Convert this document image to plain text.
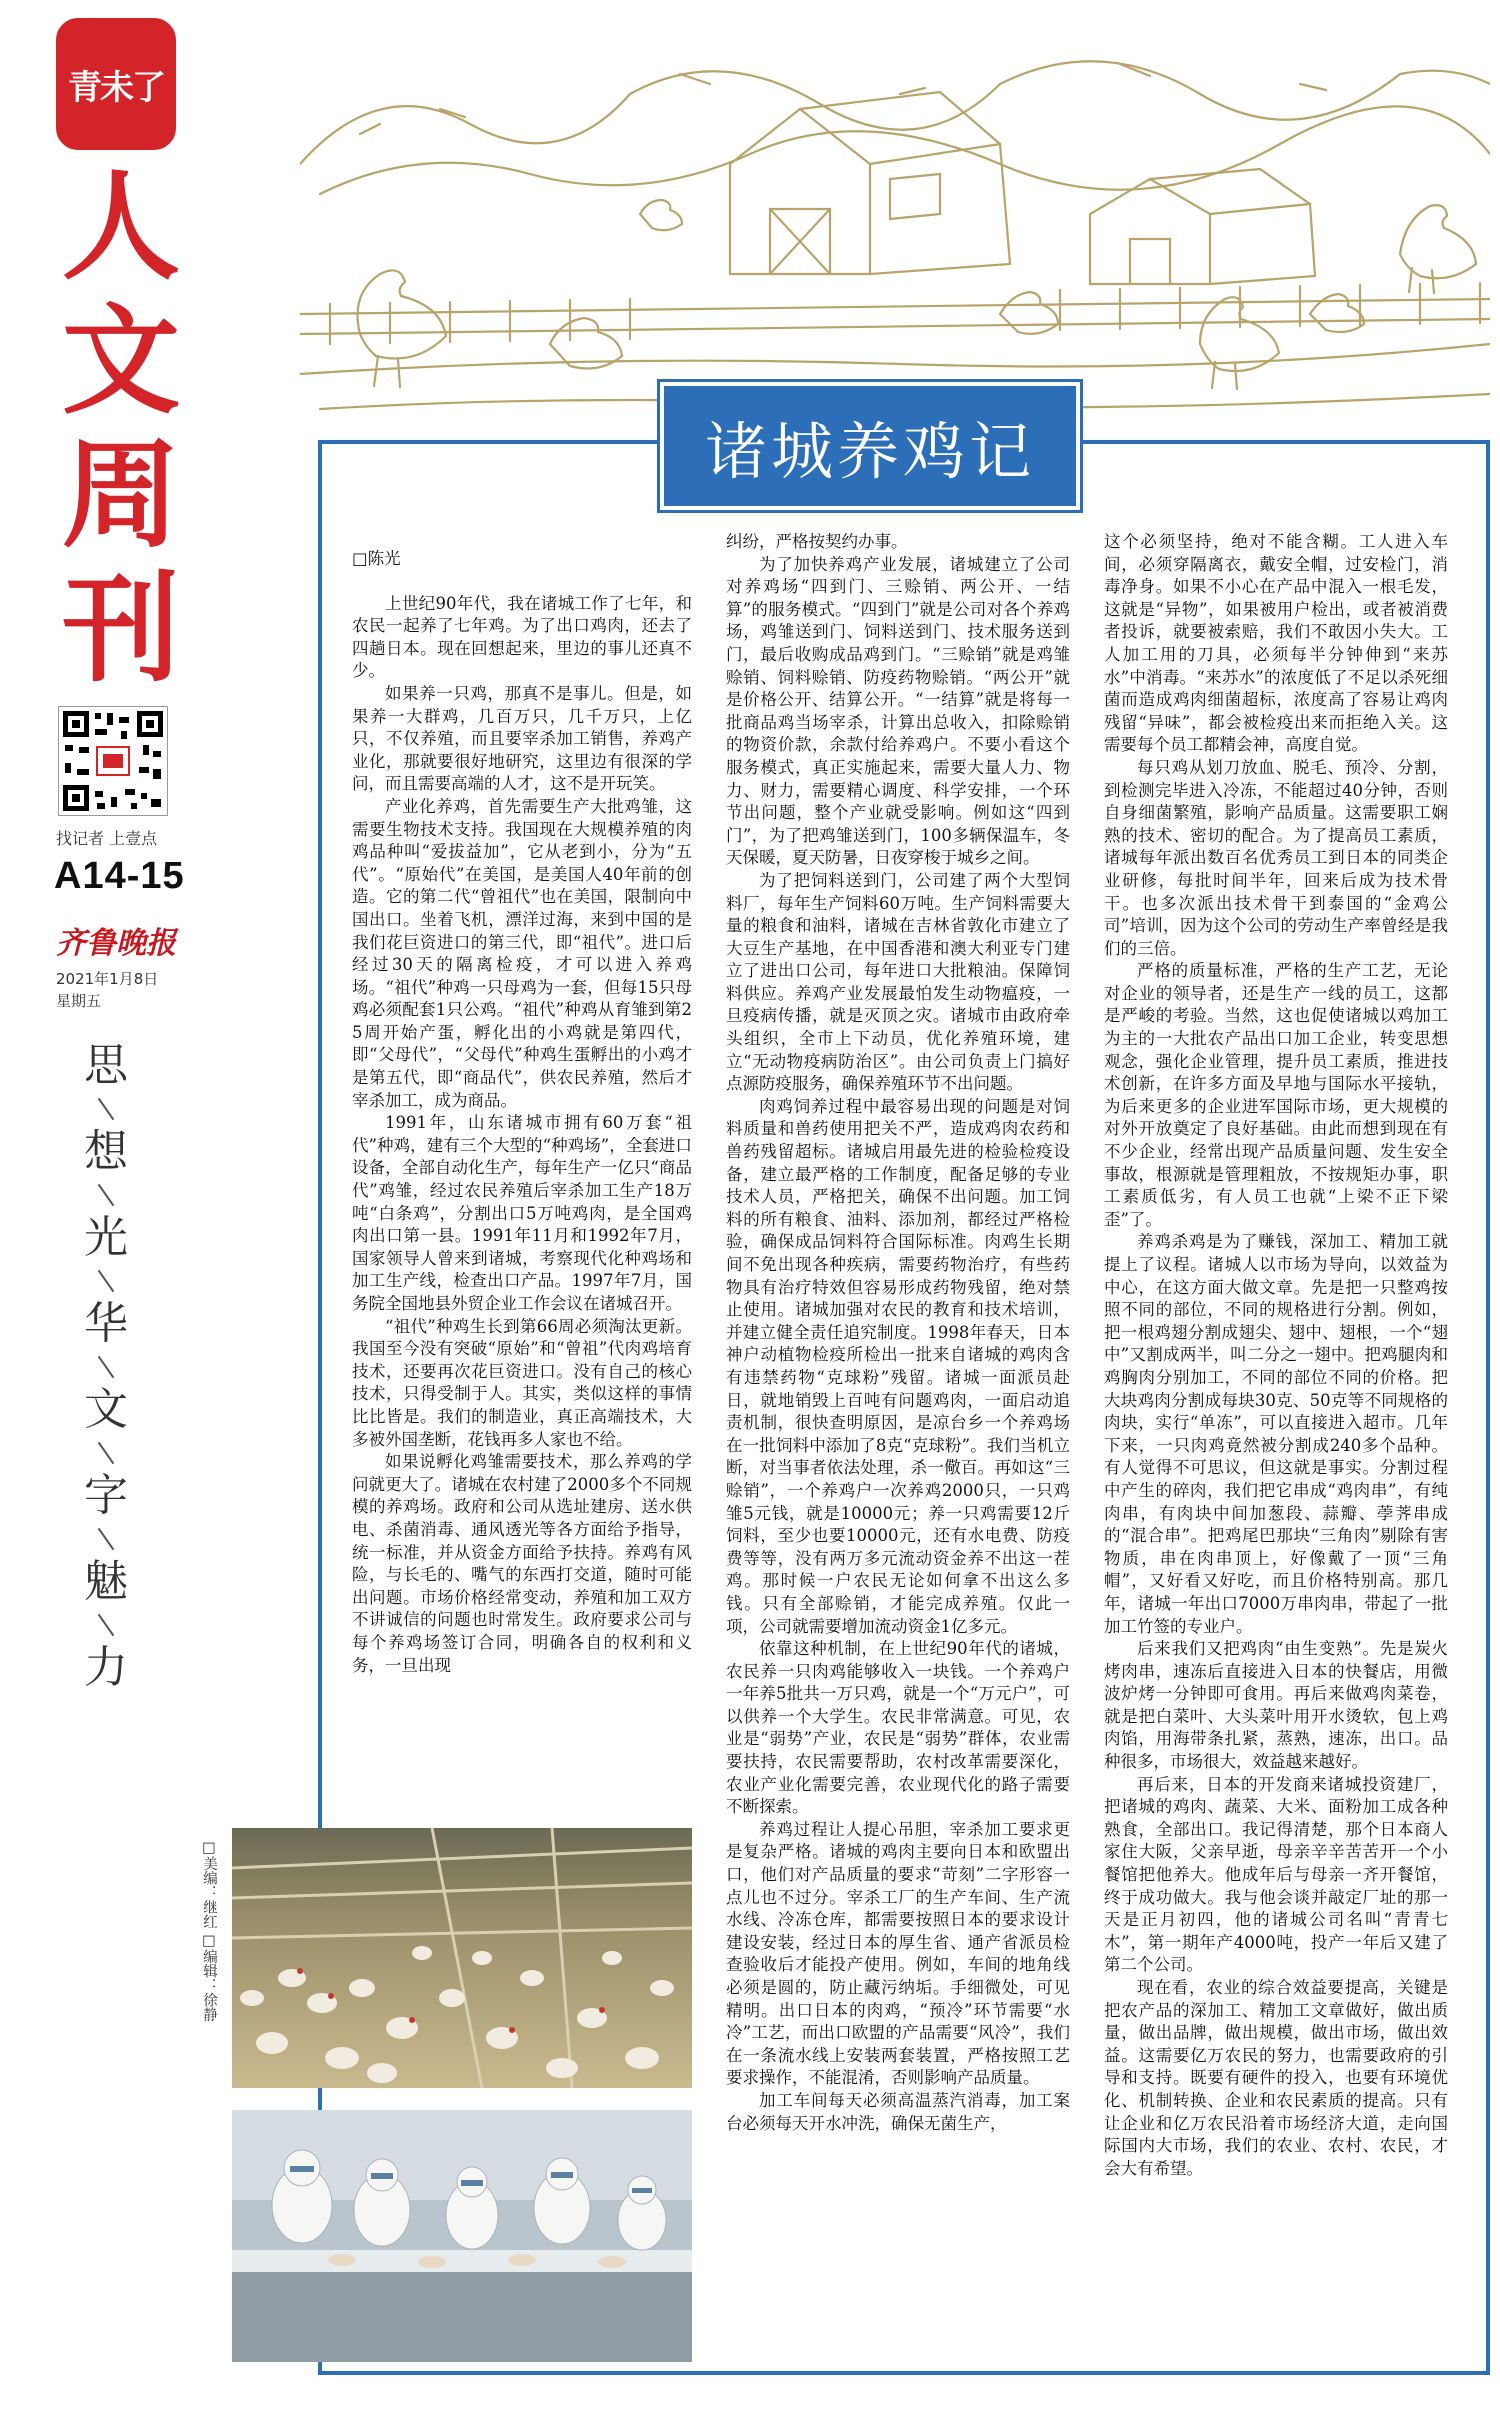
青未了
人
文
周
刊
找记者 上壹点
A14-15
齐鲁晚报
2021年1月8日
星期五
思
想
光
华
文
字
魅
力
诸城养鸡记

□陈光

上世纪90年代，我在诸城工作了七年，和农民一起养了七年鸡。为了出口鸡肉，还去了四趟日本。现在回想起来，里边的事儿还真不少。

如果养一只鸡，那真不是事儿。但是，如果养一大群鸡，几百万只，几千万只，上亿只，不仅养殖，而且要宰杀加工销售，养鸡产业化，那就要很好地研究，这里边有很深的学问，而且需要高端的人才，这不是开玩笑。

产业化养鸡，首先需要生产大批鸡雏，这需要生物技术支持。我国现在大规模养殖的肉鸡品种叫“爱拔益加”，它从老到小，分为“五代”。“原始代”在美国，是美国人40年前的创造。它的第二代“曾祖代”也在美国，限制向中国出口。坐着飞机，漂洋过海，来到中国的是我们花巨资进口的第三代，即“祖代”。进口后经过30天的隔离检疫，才可以进入养鸡场。“祖代”种鸡一只母鸡为一套，但每15只母鸡必须配套1只公鸡。“祖代”种鸡从育雏到第25周开始产蛋，孵化出的小鸡就是第四代，即“父母代”，“父母代”种鸡生蛋孵出的小鸡才是第五代，即“商品代”，供农民养殖，然后才宰杀加工，成为商品。

1991年，山东诸城市拥有60万套“祖代”种鸡，建有三个大型的“种鸡场”，全套进口设备，全部自动化生产，每年生产一亿只“商品代”鸡雏，经过农民养殖后宰杀加工生产18万吨“白条鸡”，分割出口5万吨鸡肉，是全国鸡肉出口第一县。1991年11月和1992年7月，国家领导人曾来到诸城，考察现代化种鸡场和加工生产线，检查出口产品。1997年7月，国务院全国地县外贸企业工作会议在诸城召开。

“祖代”种鸡生长到第66周必须淘汰更新。我国至今没有突破“原始”和“曾祖”代肉鸡培育技术，还要再次花巨资进口。没有自己的核心技术，只得受制于人。其实，类似这样的事情比比皆是。我们的制造业，真正高端技术，大多被外国垄断，花钱再多人家也不给。

如果说孵化鸡雏需要技术，那么养鸡的学问就更大了。诸城在农村建了2000多个不同规模的养鸡场。政府和公司从选址建房、送水供电、杀菌消毒、通风透光等各方面给予指导，统一标准，并从资金方面给予扶持。养鸡有风险，与长毛的、嘴气的东西打交道，随时可能出问题。市场价格经常变动，养殖和加工双方不讲诚信的问题也时常发生。政府要求公司与每个养鸡场签订合同，明确各自的权利和义务，一旦出现

纠纷，严格按契约办事。

为了加快养鸡产业发展，诸城建立了公司对养鸡场“四到门、三赊销、两公开、一结算”的服务模式。“四到门”就是公司对各个养鸡场，鸡雏送到门、饲料送到门、技术服务送到门，最后收购成品鸡到门。“三赊销”就是鸡雏赊销、饲料赊销、防疫药物赊销。“两公开”就是价格公开、结算公开。“一结算”就是将每一批商品鸡当场宰杀，计算出总收入，扣除赊销的物资价款，余款付给养鸡户。不要小看这个服务模式，真正实施起来，需要大量人力、物力、财力，需要精心调度、科学安排，一个环节出问题，整个产业就受影响。例如这“四到门”，为了把鸡雏送到门，100多辆保温车，冬天保暖，夏天防暑，日夜穿梭于城乡之间。

为了把饲料送到门，公司建了两个大型饲料厂，每年生产饲料60万吨。生产饲料需要大量的粮食和油料，诸城在吉林省敦化市建立了大豆生产基地，在中国香港和澳大利亚专门建立了进出口公司，每年进口大批粮油。保障饲料供应。养鸡产业发展最怕发生动物瘟疫，一旦疫病传播，就是灭顶之灾。诸城市由政府牵头组织，全市上下动员，优化养殖环境，建立“无动物疫病防治区”。由公司负责上门搞好点源防疫服务，确保养殖环节不出问题。

肉鸡饲养过程中最容易出现的问题是对饲料质量和兽药使用把关不严，造成鸡肉农药和兽药残留超标。诸城启用最先进的检验检疫设备，建立最严格的工作制度，配备足够的专业技术人员，严格把关，确保不出问题。加工饲料的所有粮食、油料、添加剂，都经过严格检验，确保成品饲料符合国际标准。肉鸡生长期间不免出现各种疾病，需要药物治疗，有些药物具有治疗特效但容易形成药物残留，绝对禁止使用。诸城加强对农民的教育和技术培训，并建立健全责任追究制度。1998年春天，日本神户动植物检疫所检出一批来自诸城的鸡肉含有违禁药物“克球粉”残留。诸城一面派员赴日，就地销毁上百吨有问题鸡肉，一面启动追责机制，很快查明原因，是凉台乡一个养鸡场在一批饲料中添加了8克“克球粉”。我们当机立断，对当事者依法处理，杀一儆百。再如这“三赊销”，一个养鸡户一次养鸡2000只，一只鸡雏5元钱，就是10000元；养一只鸡需要12斤饲料，至少也要10000元，还有水电费、防疫费等等，没有两万多元流动资金养不出这一茬鸡。那时候一户农民无论如何拿不出这么多钱。只有全部赊销，才能完成养殖。仅此一项，公司就需要增加流动资金1亿多元。

依靠这种机制，在上世纪90年代的诸城，农民养一只肉鸡能够收入一块钱。一个养鸡户一年养5批共一万只鸡，就是一个“万元户”，可以供养一个大学生。农民非常满意。可见，农业是“弱势”产业，农民是“弱势”群体，农业需要扶持，农民需要帮助，农村改革需要深化，农业产业化需要完善，农业现代化的路子需要不断探索。

养鸡过程让人提心吊胆，宰杀加工要求更是复杂严格。诸城的鸡肉主要向日本和欧盟出口，他们对产品质量的要求“苛刻”二字形容一点儿也不过分。宰杀工厂的生产车间、生产流水线、冷冻仓库，都需要按照日本的要求设计建设安装，经过日本的厚生省、通产省派员检查验收后才能投产使用。例如，车间的地角线必须是圆的，防止藏污纳垢。手细微处，可见精明。出口日本的肉鸡，“预冷”环节需要“水冷”工艺，而出口欧盟的产品需要“风冷”，我们在一条流水线上安装两套装置，严格按照工艺要求操作，不能混淆，否则影响产品质量。

加工车间每天必须高温蒸汽消毒，加工案台必须每天开水冲洗，确保无菌生产，

这个必须坚持，绝对不能含糊。工人进入车间，必须穿隔离衣，戴安全帽，过安检门，消毒净身。如果不小心在产品中混入一根毛发，这就是“异物”，如果被用户检出，或者被消费者投诉，就要被索赔，我们不敢因小失大。工人加工用的刀具，必须每半分钟伸到“来苏水”中消毒。“来苏水”的浓度低了不足以杀死细菌而造成鸡肉细菌超标，浓度高了容易让鸡肉残留“异味”，都会被检疫出来而拒绝入关。这需要每个员工都精会神，高度自觉。

每只鸡从划刀放血、脱毛、预冷、分割，到检测完毕进入冷冻，不能超过40分钟，否则自身细菌繁殖，影响产品质量。这需要职工娴熟的技术、密切的配合。为了提高员工素质，诸城每年派出数百名优秀员工到日本的同类企业研修，每批时间半年，回来后成为技术骨干。也多次派出技术骨干到泰国的“金鸡公司”培训，因为这个公司的劳动生产率曾经是我们的三倍。

严格的质量标准，严格的生产工艺，无论对企业的领导者，还是生产一线的员工，这都是严峻的考验。当然，这也促使诸城以鸡加工为主的一大批农产品出口加工企业，转变思想观念，强化企业管理，提升员工素质，推进技术创新，在许多方面及早地与国际水平接轨，为后来更多的企业进军国际市场，更大规模的对外开放奠定了良好基础。由此而想到现在有不少企业，经常出现产品质量问题、发生安全事故，根源就是管理粗放，不按规矩办事，职工素质低劣，有人员工也就“上梁不正下梁歪”了。

养鸡杀鸡是为了赚钱，深加工、精加工就提上了议程。诸城人以市场为导向，以效益为中心，在这方面大做文章。先是把一只整鸡按照不同的部位，不同的规格进行分割。例如，把一根鸡翅分割成翅尖、翅中、翅根，一个“翅中”又割成两半，叫二分之一翅中。把鸡腿肉和鸡胸肉分别加工，不同的部位不同的价格。把大块鸡肉分割成每块30克、50克等不同规格的肉块，实行“单冻”，可以直接进入超市。几年下来，一只肉鸡竟然被分割成240多个品种。有人觉得不可思议，但这就是事实。分割过程中产生的碎肉，我们把它串成“鸡肉串”，有纯肉串，有肉块中间加葱段、蒜瓣、荸荠串成的“混合串”。把鸡尾巴那块“三角肉”剔除有害物质，串在肉串顶上，好像戴了一顶“三角帽”，又好看又好吃，而且价格特别高。那几年，诸城一年出口7000万串肉串，带起了一批加工竹签的专业户。

后来我们又把鸡肉“由生变熟”。先是炭火烤肉串，速冻后直接进入日本的快餐店，用微波炉烤一分钟即可食用。再后来做鸡肉菜卷，就是把白菜叶、大头菜叶用开水烫软，包上鸡肉馅，用海带条扎紧，蒸熟，速冻，出口。品种很多，市场很大，效益越来越好。

再后来，日本的开发商来诸城投资建厂，把诸城的鸡肉、蔬菜、大米、面粉加工成各种熟食，全部出口。我记得清楚，那个日本商人家住大阪，父亲早逝，母亲辛辛苦苦开一个小餐馆把他养大。他成年后与母亲一齐开餐馆，终于成功做大。我与他会谈并敲定厂址的那一天是正月初四，他的诸城公司名叫“青青七木”，第一期年产4000吨，投产一年后又建了第二个公司。

现在看，农业的综合效益要提高，关键是把农产品的深加工、精加工文章做好，做出质量，做出品牌，做出规模，做出市场，做出效益。这需要亿万农民的努力，也需要政府的引导和支持。既要有硬件的投入，也要有环境优化、机制转换、企业和农民素质的提高。只有让企业和亿万农民沿着市场经济大道，走向国际国内大市场，我们的农业、农村、农民，才会大有希望。

□美编：继红 □编辑：徐静
